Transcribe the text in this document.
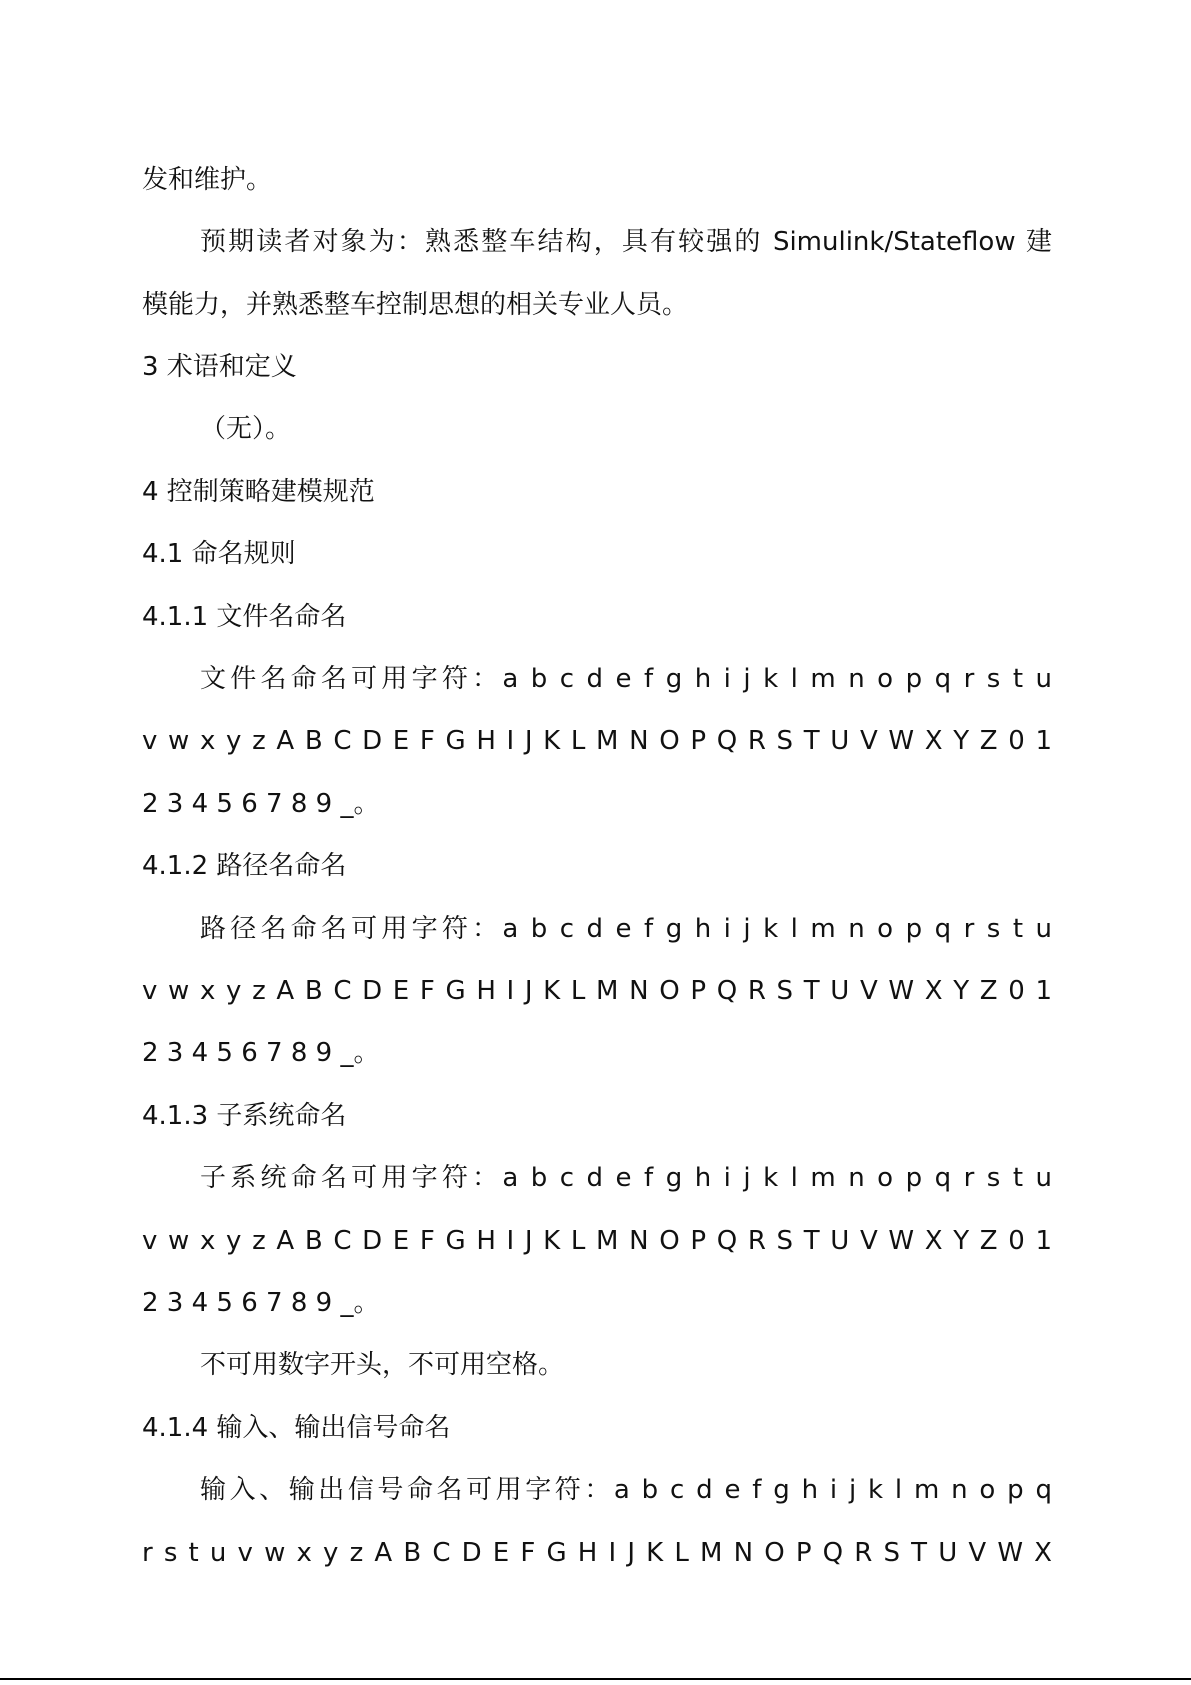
发和维护。
预期读者对象为：熟悉整车结构，具有较强的 Simulink/Stateflow 建
模能力，并熟悉整车控制思想的相关专业人员。
3 术语和定义
（无）。
4 控制策略建模规范
4.1 命名规则
4.1.1 文件名命名
文件名命名可用字符：a b c d e f g h i j k l m n o p q r s t u
v w x y z A B C D E F G H I J K L M N O P Q R S T U V W X Y Z 0 1
2 3 4 5 6 7 8 9 _。
4.1.2 路径名命名
路径名命名可用字符：a b c d e f g h i j k l m n o p q r s t u
v w x y z A B C D E F G H I J K L M N O P Q R S T U V W X Y Z 0 1
2 3 4 5 6 7 8 9 _。
4.1.3 子系统命名
子系统命名可用字符：a b c d e f g h i j k l m n o p q r s t u
v w x y z A B C D E F G H I J K L M N O P Q R S T U V W X Y Z 0 1
2 3 4 5 6 7 8 9 _。
不可用数字开头，不可用空格。
4.1.4 输入、输出信号命名
输入、输出信号命名可用字符：a b c d e f g h i j k l m n o p q
r s t u v w x y z A B C D E F G H I J K L M N O P Q R S T U V W X
